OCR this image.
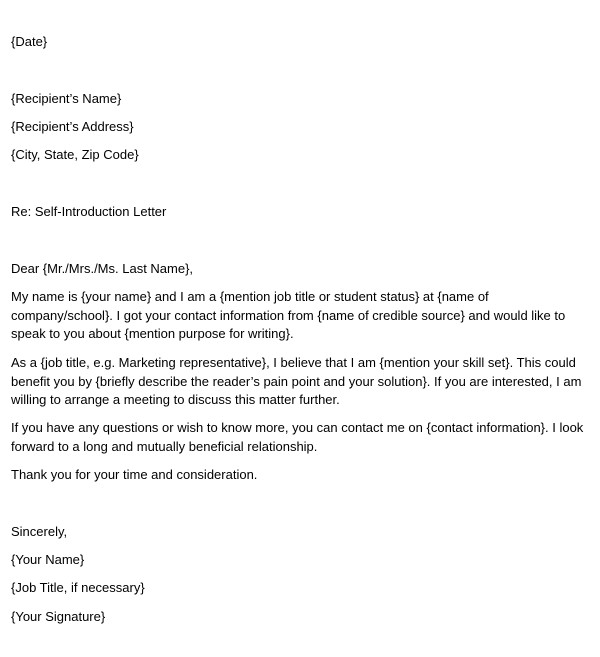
{Date}
{Recipient’s Name}
{Recipient’s Address}
{City, State, Zip Code}
Re: Self-Introduction Letter
Dear {Mr./Mrs./Ms. Last Name},
My name is {your name} and I am a {mention job title or student status} at {name of
company/school}. I got your contact information from {name of credible source} and would like to
speak to you about {mention purpose for writing}.
As a {job title, e.g. Marketing representative}, I believe that I am {mention your skill set}. This could
benefit you by {briefly describe the reader’s pain point and your solution}. If you are interested, I am
willing to arrange a meeting to discuss this matter further.
If you have any questions or wish to know more, you can contact me on {contact information}. I look
forward to a long and mutually beneficial relationship.
Thank you for your time and consideration.
Sincerely,
{Your Name}
{Job Title, if necessary}
{Your Signature}
